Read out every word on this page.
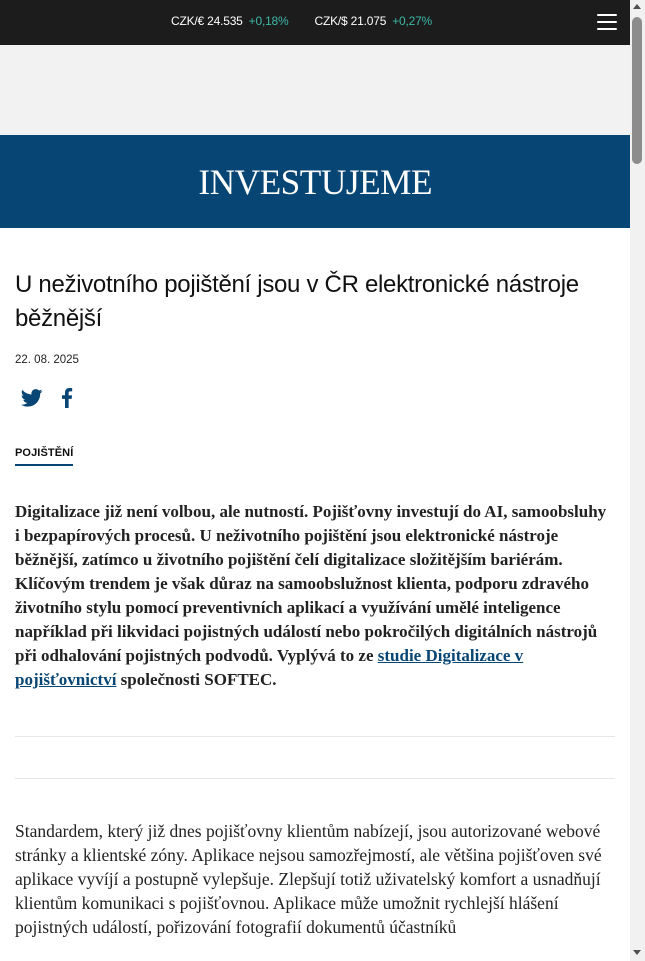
CZK/€ 24.535 +0,18% CZK/$ 21.075 +0,27%
INVESTUJEME
U neživotního pojištění jsou v ČR elektronické nástroje běžnější
22. 08. 2025
POJIŠTĚNÍ

Digitalizace již není volbou, ale nutností. Pojišťovny investují do AI, samoobsluhy i bezpapírových procesů. U neživotního pojištění jsou elektronické nástroje běžnější, zatímco u životního pojištění čelí digitalizace složitějším bariérám. Klíčovým trendem je však důraz na samoobslužnost klienta, podporu zdravého životního stylu pomocí preventivních aplikací a využívání umělé inteligence například při likvidaci pojistných událostí nebo pokročilých digitálních nástrojů při odhalování pojistných podvodů. Vyplývá to ze studie Digitalizace v pojišťovnictví společnosti SOFTEC.

Standardem, který již dnes pojišťovny klientům nabízejí, jsou autorizované webové stránky a klientské zóny. Aplikace nejsou samozřejmostí, ale většina pojišťoven své aplikace vyvíjí a postupně vylepšuje. Zlepšují totiž uživatelský komfort a usnadňují klientům komunikaci s pojišťovnou. Aplikace může umožnit rychlejší hlášení pojistných událostí, pořizování fotografií dokumentů účastníků
